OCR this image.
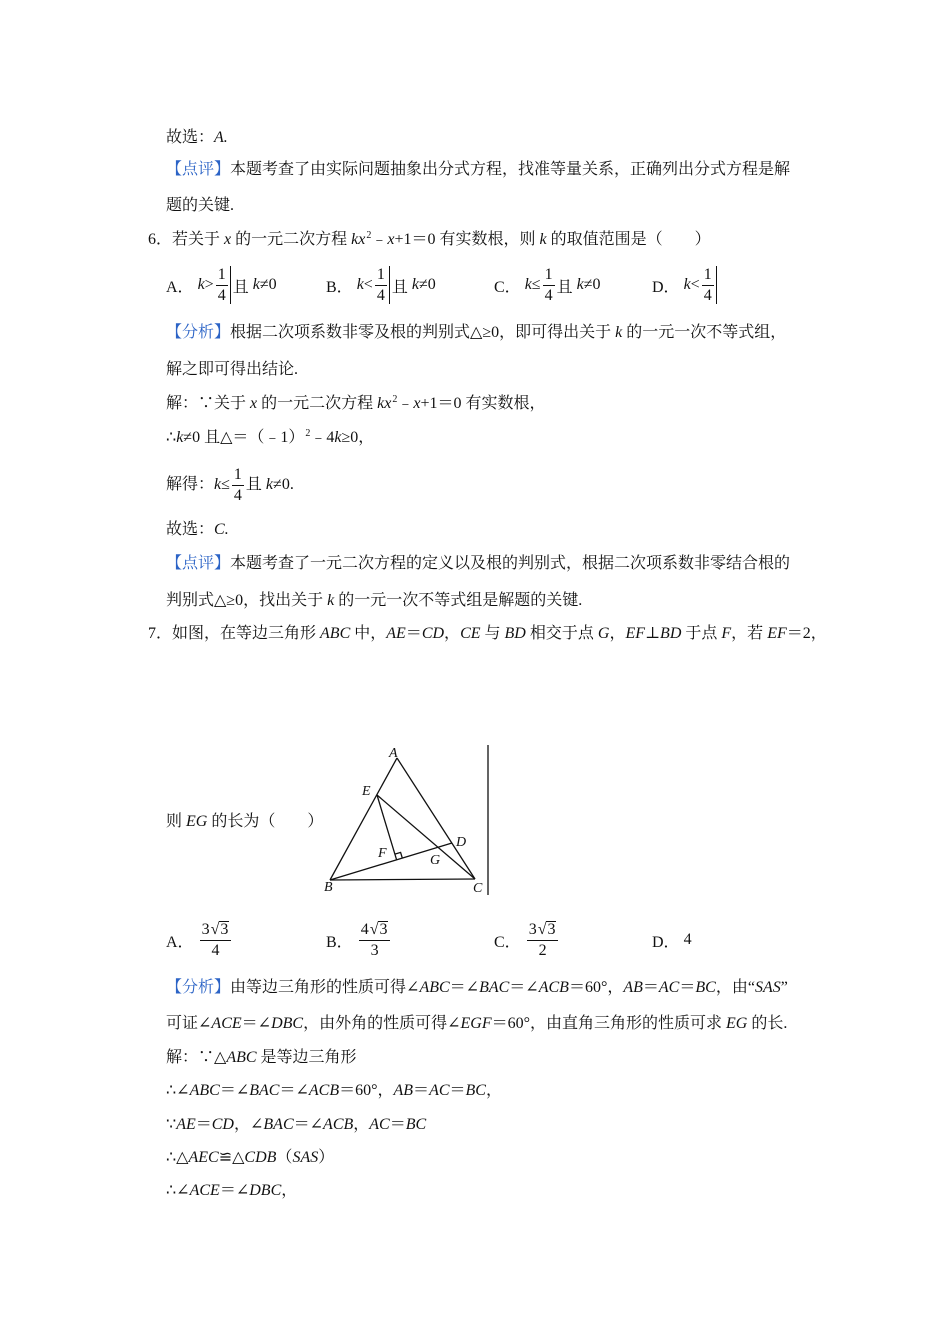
故选：A.
【点评】本题考查了由实际问题抽象出分式方程，找准等量关系，正确列出分式方程是解
题的关键.
6．若关于 x 的一元二次方程 $kx^2﹣x+1=0$ 有实数根，则 k 的取值范围是（　　）
A． $k > \frac{1}{4}$ 且 k ≠0	B． $k < \frac{1}{4}$ 且 k ≠0	C． $k \le \frac{1}{4}$ 且 k ≠0	D． $k < \frac{1}{4}$
【分析】根据二次项系数非零及根的判别式△≥0，即可得出关于 k 的一元一次不等式组，
解之即可得出结论.
解：∵关于 x 的一元二次方程 $kx^2﹣x+1=0$ 有实数根，
∴k≠0 且△＝（﹣1）$^2$﹣4k≥0，
解得： $k \le \frac{1}{4}$ 且 k ≠0.
故选：C.
【点评】本题考查了一元二次方程的定义以及根的判别式，根据二次项系数非零结合根的
判别式△≥0，找出关于 k 的一元一次不等式组是解题的关键.
7．如图，在等边三角形 ABC 中，AE＝CD，CE 与 BD 相交于点 G，EF⊥BD 于点 F，若 EF＝2，
则 EG 的长为（　　）
A
E
D
F	G
B	C
A． $\frac{3 √ 3}{4}$	B． $\frac{4 √ 3}{3}$	C． $\frac{3 √ 3}{2}$	D． 4
【分析】由等边三角形的性质可得∠ABC＝∠BAC＝∠ACB＝60°，AB＝AC＝BC，由“SAS”
可证∠ACE＝∠DBC，由外角的性质可得∠EGF＝60°，由直角三角形的性质可求 EG 的长.
解：∵△ABC 是等边三角形
∴∠ABC＝∠BAC＝∠ACB＝60°，AB＝AC＝BC，
∵AE＝CD，∠BAC＝∠ACB，AC＝BC
∴△AEC≌△CDB（SAS）
∴∠ACE＝∠DBC，
